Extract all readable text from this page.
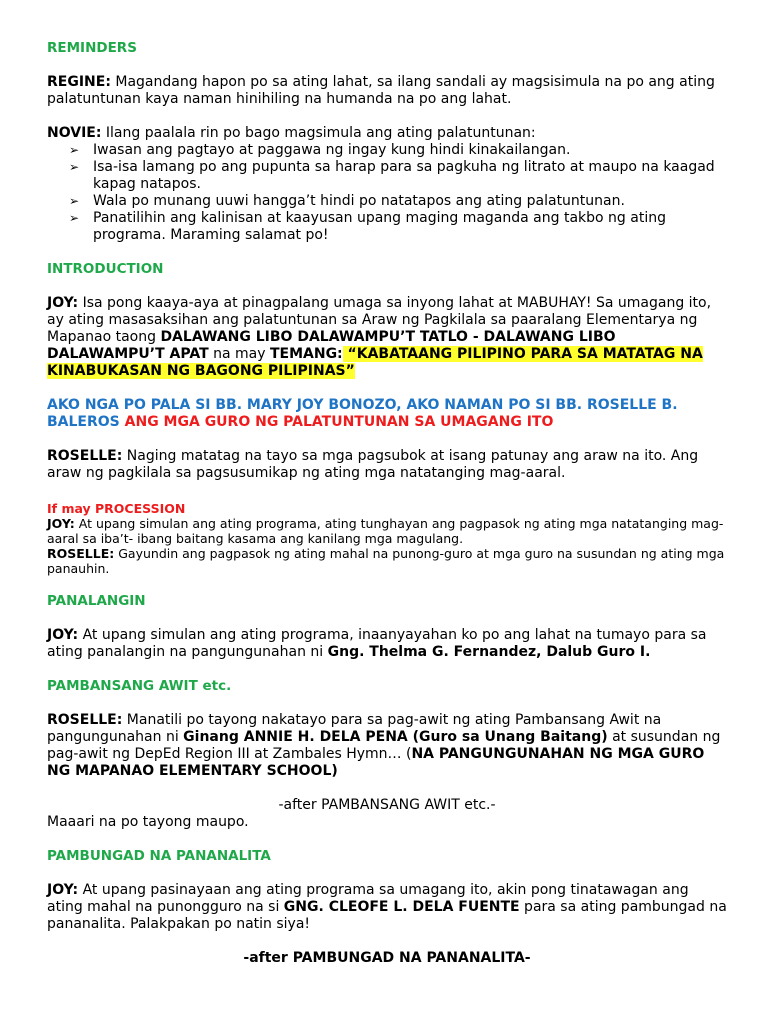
REMINDERS

REGINE: Magandang hapon po sa ating lahat, sa ilang sandali ay magsisimula na po ang ating palatuntunan kaya naman hinihiling na humanda na po ang lahat.

NOVIE: Ilang paalala rin po bago magsimula ang ating palatuntunan:

➢ Iwasan ang pagtayo at paggawa ng ingay kung hindi kinakailangan.
➢ Isa-isa lamang po ang pupunta sa harap para sa pagkuha ng litrato at maupo na kaagad kapag natapos.
➢ Wala po munang uuwi hangga’t hindi po natatapos ang ating palatuntunan.
➢ Panatilihin ang kalinisan at kaayusan upang maging maganda ang takbo ng ating programa. Maraming salamat po!

INTRODUCTION

JOY: Isa pong kaaya-aya at pinagpalang umaga sa inyong lahat at MABUHAY! Sa umagang ito, ay ating masasaksihan ang palatuntunan sa Araw ng Pagkilala sa paaralang Elementarya ng Mapanao taong DALAWANG LIBO DALAWAMPU’T TATLO - DALAWANG LIBO DALAWAMPU’T APAT na may TEMANG: “KABATAANG PILIPINO PARA SA MATATAG NA KINABUKASAN NG BAGONG PILIPINAS”

AKO NGA PO PALA SI BB. MARY JOY BONOZO, AKO NAMAN PO SI BB. ROSELLE B. BALEROS ANG MGA GURO NG PALATUNTUNAN SA UMAGANG ITO

ROSELLE: Naging matatag na tayo sa mga pagsubok at isang patunay ang araw na ito. Ang araw ng pagkilala sa pagsusumikap ng ating mga natatanging mag-aaral.

If may PROCESSION

JOY: At upang simulan ang ating programa, ating tunghayan ang pagpasok ng ating mga natatanging mag-aaral sa iba’t- ibang baitang kasama ang kanilang mga magulang.

ROSELLE: Gayundin ang pagpasok ng ating mahal na punong-guro at mga guro na susundan ng ating mga panauhin.

PANALANGIN

JOY: At upang simulan ang ating programa, inaanyayahan ko po ang lahat na tumayo para sa ating panalangin na pangungunahan ni Gng. Thelma G. Fernandez, Dalub Guro I.

PAMBANSANG AWIT etc.

ROSELLE: Manatili po tayong nakatayo para sa pag-awit ng ating Pambansang Awit na pangungunahan ni Ginang ANNIE H. DELA PENA (Guro sa Unang Baitang) at susundan ng pag-awit ng DepEd Region III at Zambales Hymn… (NA PANGUNGUNAHAN NG MGA GURO NG MAPANAO ELEMENTARY SCHOOL)

-after PAMBANSANG AWIT etc.-

Maaari na po tayong maupo.

PAMBUNGAD NA PANANALITA

JOY: At upang pasinayaan ang ating programa sa umagang ito, akin pong tinatawagan ang ating mahal na punongguro na si GNG. CLEOFE L. DELA FUENTE para sa ating pambungad na pananalita. Palakpakan po natin siya!

-after PAMBUNGAD NA PANANALITA-
